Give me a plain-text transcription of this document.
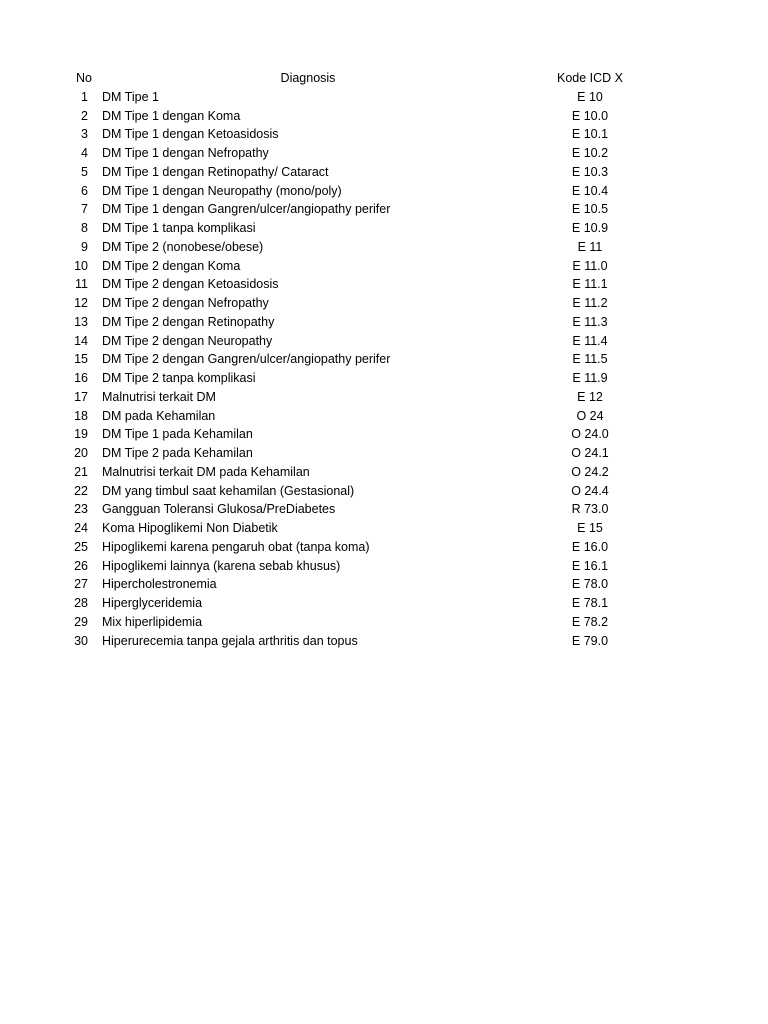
No	Diagnosis	Kode ICD X
1	DM Tipe 1	E 10
2	DM Tipe 1 dengan Koma	E 10.0
3	DM Tipe 1 dengan Ketoasidosis	E 10.1
4	DM Tipe 1 dengan Nefropathy	E 10.2
5	DM Tipe 1 dengan Retinopathy/ Cataract	E 10.3
6	DM Tipe 1 dengan Neuropathy (mono/poly)	E 10.4
7	DM Tipe 1 dengan Gangren/ulcer/angiopathy perifer	E 10.5
8	DM Tipe 1 tanpa komplikasi	E 10.9
9	DM Tipe 2 (nonobese/obese)	E 11
10	DM Tipe 2 dengan Koma	E 11.0
11	DM Tipe 2 dengan Ketoasidosis	E 11.1
12	DM Tipe 2 dengan Nefropathy	E 11.2
13	DM Tipe 2 dengan Retinopathy	E 11.3
14	DM Tipe 2 dengan Neuropathy	E 11.4
15	DM Tipe 2 dengan Gangren/ulcer/angiopathy perifer	E 11.5
16	DM Tipe 2 tanpa komplikasi	E 11.9
17	Malnutrisi terkait DM	E 12
18	DM pada Kehamilan	O 24
19	DM Tipe 1 pada Kehamilan	O 24.0
20	DM Tipe 2 pada Kehamilan	O 24.1
21	Malnutrisi terkait DM pada Kehamilan	O 24.2
22	DM yang timbul saat kehamilan (Gestasional)	O 24.4
23	Gangguan Toleransi Glukosa/PreDiabetes	R 73.0
24	Koma Hipoglikemi Non Diabetik	E 15
25	Hipoglikemi karena pengaruh obat (tanpa koma)	E 16.0
26	Hipoglikemi lainnya (karena sebab khusus)	E 16.1
27	Hipercholestronemia	E 78.0
28	Hiperglyceridemia	E 78.1
29	Mix hiperlipidemia	E 78.2
30	Hiperurecemia tanpa gejala arthritis dan topus	E 79.0
